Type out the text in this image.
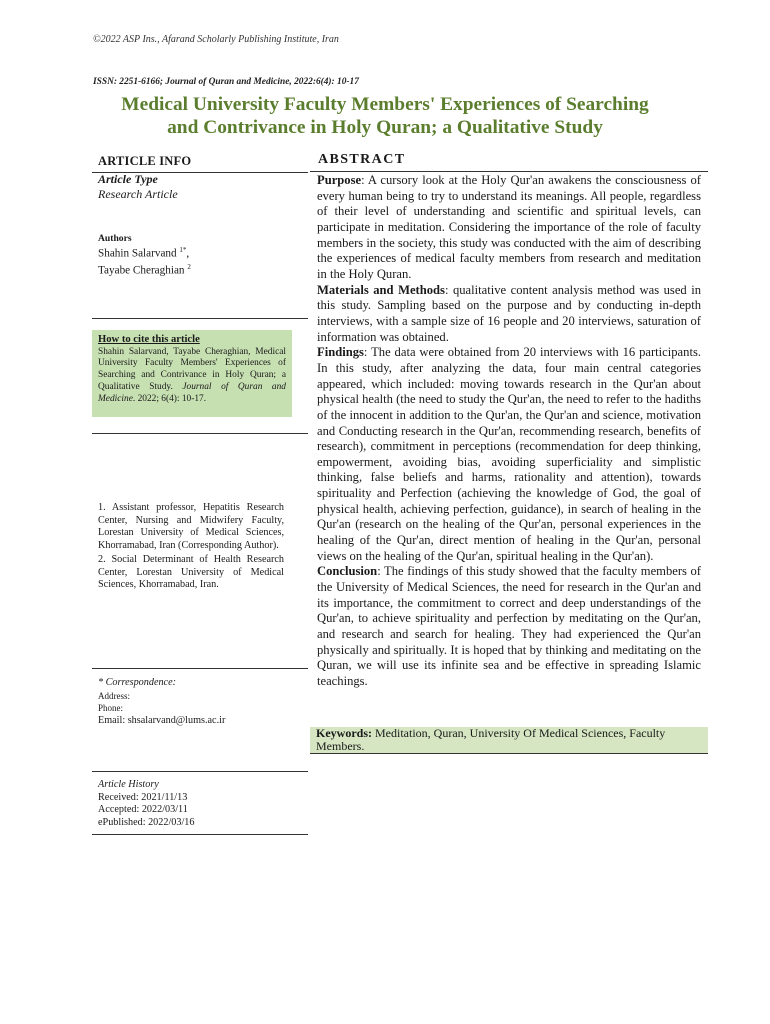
©2022 ASP Ins., Afarand Scholarly Publishing Institute, Iran
ISSN: 2251-6166; Journal of Quran and Medicine, 2022:6(4): 10-17
Medical University Faculty Members' Experiences of Searching
and Contrivance in Holy Quran; a Qualitative Study
ARTICLE INFO
Article Type
Research Article
Authors
Shahin Salarvand $^{1*}$,
Tayabe Cheraghian $^2$
How to cite this article
Shahin Salarvand, Tayabe Cheraghian, Medical University Faculty Members' Experiences of Searching and Contrivance in Holy Quran; a Qualitative Study. Journal of Quran and Medicine. 2022; 6(4): 10-17.

1. Assistant professor, Hepatitis Research Center, Nursing and Midwifery Faculty, Lorestan University of Medical Sciences, Khorramabad, Iran (Corresponding Author).

2. Social Determinant of Health Research Center, Lorestan University of Medical Sciences, Khorramabad, Iran.

* Correspondence:
Address:
Phone:
Email: shsalarvand@lums.ac.ir
Article History
Received: 2021/11/13
Accepted: 2022/03/11
ePublished: 2022/03/16
ABSTRACT

Purpose: A cursory look at the Holy Qur'an awakens the consciousness of every human being to try to understand its meanings. All people, regardless of their level of understanding and scientific and spiritual levels, can participate in meditation. Considering the importance of the role of faculty members in the society, this study was conducted with the aim of describing the experiences of medical faculty members from research and meditation in the Holy Quran.

Materials and Methods: qualitative content analysis method was used in this study. Sampling based on the purpose and by conducting in-depth interviews, with a sample size of 16 people and 20 interviews, saturation of information was obtained.

Findings: The data were obtained from 20 interviews with 16 participants. In this study, after analyzing the data, four main central categories appeared, which included: moving towards research in the Qur'an about physical health (the need to study the Qur'an, the need to refer to the hadiths of the innocent in addition to the Qur'an, the Qur'an and science, motivation and Conducting research in the Qur'an, recommending research, benefits of research), commitment in perceptions (recommendation for deep thinking, empowerment, avoiding bias, avoiding superficiality and simplistic thinking, false beliefs and harms, rationality and attention), towards spirituality and Perfection (achieving the knowledge of God, the goal of physical health, achieving perfection, guidance), in search of healing in the Qur'an (research on the healing of the Qur'an, personal experiences in the healing of the Qur'an, direct mention of healing in the Qur'an, personal views on the healing of the Qur'an, spiritual healing in the Qur'an).

Conclusion: The findings of this study showed that the faculty members of the University of Medical Sciences, the need for research in the Qur'an and its importance, the commitment to correct and deep understandings of the Qur'an, to achieve spirituality and perfection by meditating on the Qur'an, and research and search for healing. They had experienced the Qur'an physically and spiritually. It is hoped that by thinking and meditating on the Quran, we will use its infinite sea and be effective in spreading Islamic teachings.

Keywords: Meditation, Quran, University Of Medical Sciences, Faculty Members.
